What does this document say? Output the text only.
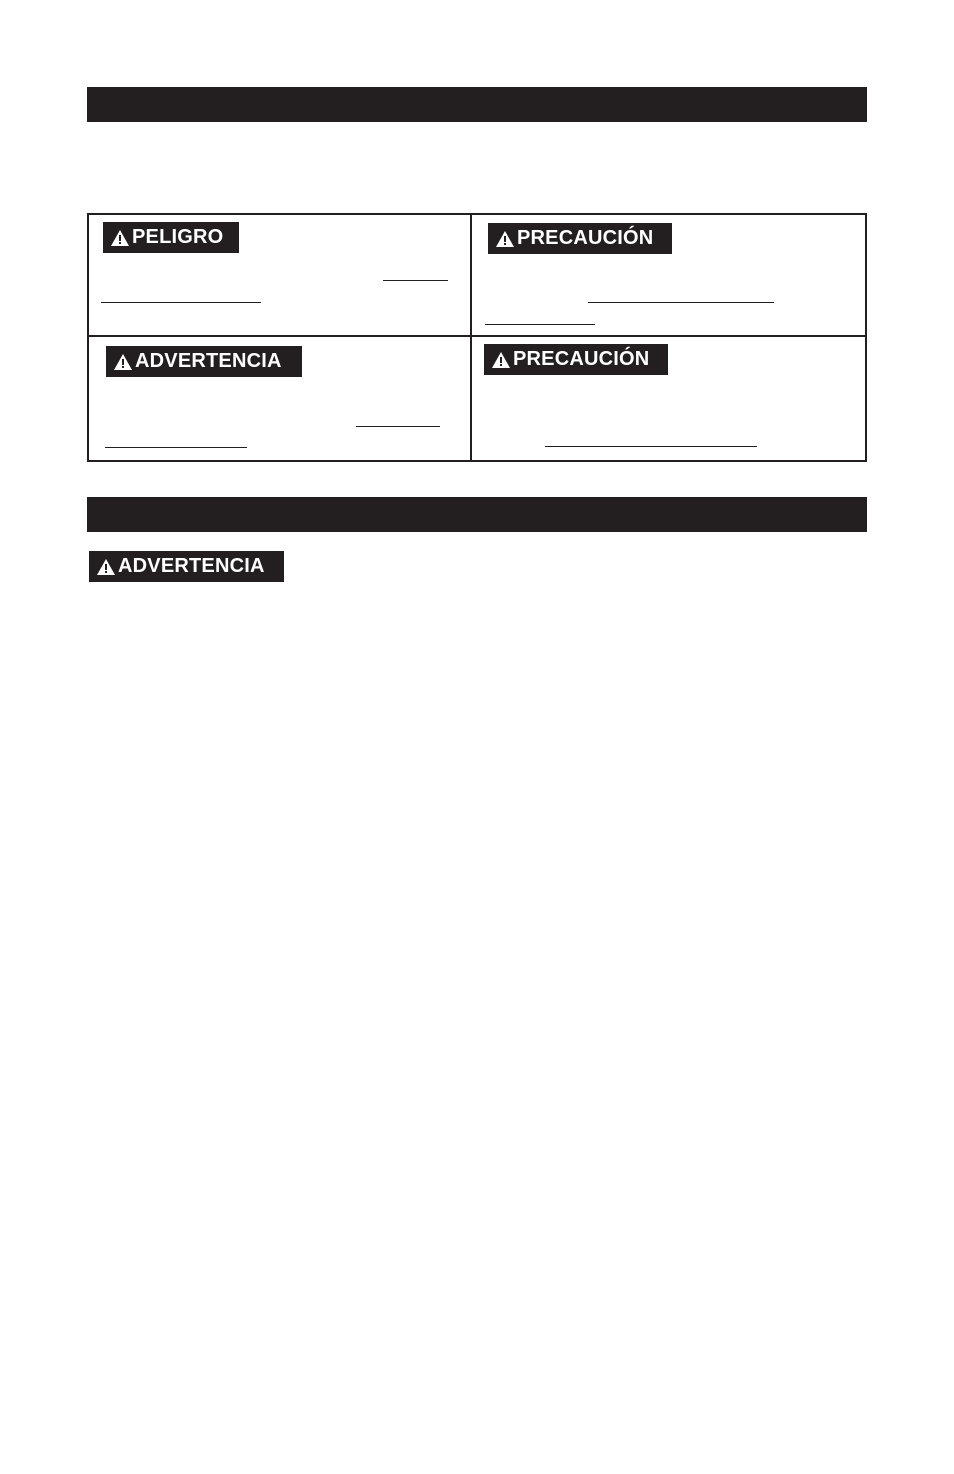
PELIGRO	PRECAUCIÓN
ADVERTENCIA	PRECAUCIÓN
ADVERTENCIA
